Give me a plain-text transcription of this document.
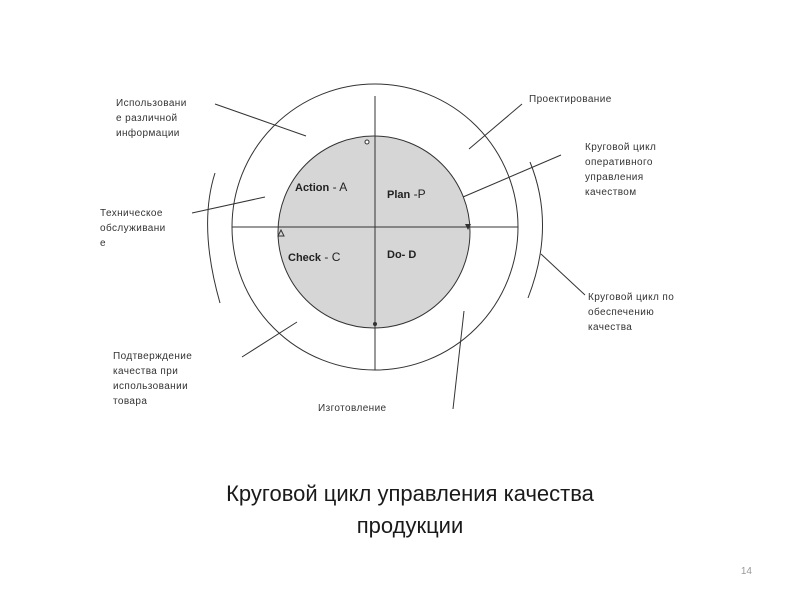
Action - A
Plan -P
Check - C	Do- D
Использовани
е различной
информации
Проектирование
Круговой цикл
оперативного
управления
качеством
Техническое
обслуживани
е
Круговой цикл по
обеспечению
качества
Подтверждение
качества при
использовании
товара
Изготовление
Круговой цикл управления качества
продукции
14
